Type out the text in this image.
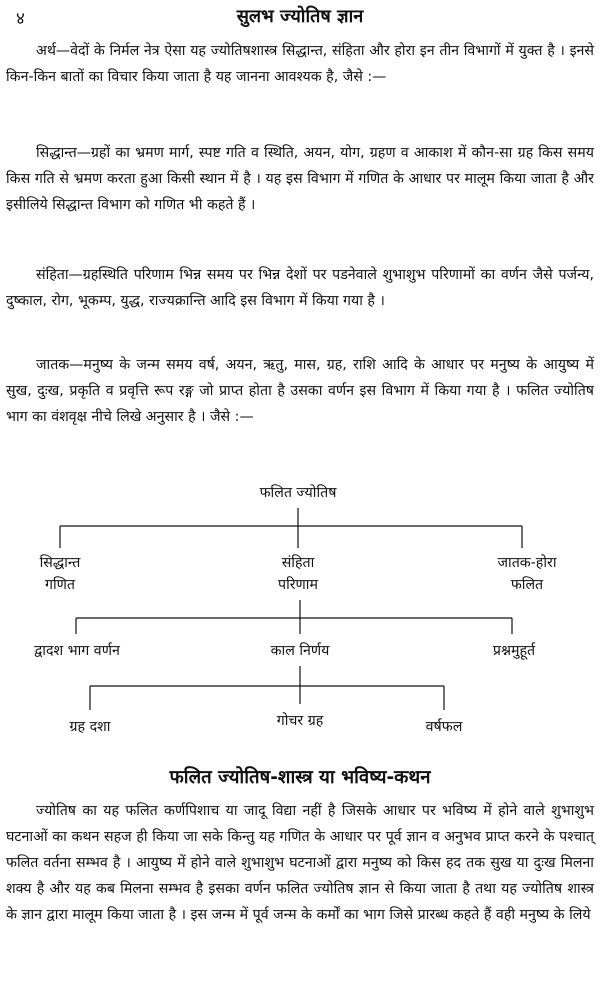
४	सुलभ ज्योतिष ज्ञान
अर्थ—वेदों के निर्मल नेत्र ऐसा यह ज्योतिषशास्त्र सिद्धान्त, संहिता और होरा इन तीन विभागों में युक्त है । इनसे किन-किन बातों का विचार किया जाता है यह जानना आवश्यक है, जैसे :—
सिद्धान्त—ग्रहों का भ्रमण मार्ग, स्पष्ट गति व स्थिति, अयन, योग, ग्रहण व आकाश में कौन-सा ग्रह किस समय किस गति से भ्रमण करता हुआ किसी स्थान में है । यह इस विभाग में गणित के आधार पर मालूम किया जाता है और इसीलिये सिद्धान्त विभाग को गणित भी कहते हैं ।
संहिता—ग्रहस्थिति परिणाम भिन्न समय पर भिन्न देशों पर पडनेवाले शुभाशुभ परिणामों का वर्णन जैसे पर्जन्य, दुष्काल, रोग, भूकम्प, युद्ध, राज्यक्रान्ति आदि इस विभाग में किया गया है ।
जातक—मनुष्य के जन्म समय वर्ष, अयन, ऋतु, मास, ग्रह, राशि आदि के आधार पर मनुष्य के आयुष्य में सुख, दुःख, प्रकृति व प्रवृत्ति रूप रङ्ग जो प्राप्त होता है उसका वर्णन इस विभाग में किया गया है । फलित ज्योतिष भाग का वंशवृक्ष नीचे लिखे अनुसार है । जैसे :—
फलित ज्योतिष
सिद्धान्त
गणित
संहिता
परिणाम
जातक-होरा
फलित
द्वादश भाग वर्णन	काल निर्णय	प्रश्नमुहूर्त
ग्रह दशा	गोचर ग्रह	वर्षफल
फलित ज्योतिष-शास्त्र या भविष्य-कथन
ज्योतिष का यह फलित कर्णपिशाच या जादू विद्या नहीं है जिसके आधार पर भविष्य में होने वाले शुभाशुभ घटनाओं का कथन सहज ही किया जा सके किन्तु यह गणित के आधार पर पूर्व ज्ञान व अनुभव प्राप्त करने के पश्चात् फलित वर्तना सम्भव है । आयुष्य में होने वाले शुभाशुभ घटनाओं द्वारा मनुष्य को किस हद तक सुख या दुःख मिलना शक्य है और यह कब मिलना सम्भव है इसका वर्णन फलित ज्योतिष ज्ञान से किया जाता है तथा यह ज्योतिष शास्त्र के ज्ञान द्वारा मालूम किया जाता है । इस जन्म में पूर्व जन्म के कर्मों का भाग जिसे प्रारब्ध कहते हैं वही मनुष्य के लिये
